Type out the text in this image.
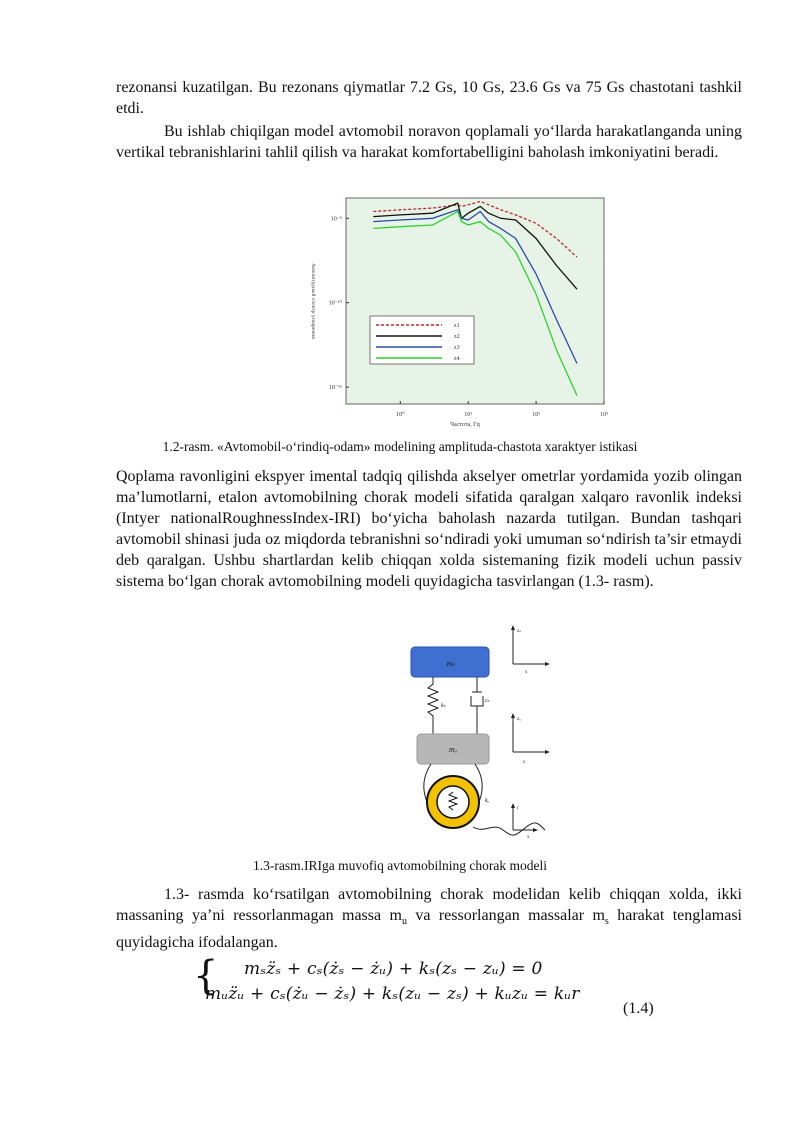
rezonansi kuzatilgan. Bu rezonans qiymatlar 7.2 Gs, 10 Gs, 23.6 Gs va 75 Gs chastotani tashkil etdi.

Bu ishlab chiqilgan model avtomobil noravon qoplamali yo‘llarda harakatlanganda uning vertikal tebranishlarini tahlil qilish va harakat komfortabelligini baholash imkoniyatini beradi.

10⁰	10¹	10²	10³
10⁻⁵
10⁻¹⁰
10⁻¹⁵
Частота, Гц
Амплитудный спектр ускорения	z1
z2
z3
z4

1.2-rasm. «Avtomobil-o‘rindiq-odam» modelining amplituda-chastota xaraktyer istikasi

Qoplama ravonligini ekspyer imental tadqiq qilishda akselyer ometrlar yordamida yozib olingan ma’lumotlarni, etalon avtomobilning chorak modeli sifatida qaralgan xalqaro ravonlik indeksi (Intyer nationalRoughnessIndex-IRI) bo‘yicha baholash nazarda tutilgan. Bundan tashqari avtomobil shinasi juda oz miqdorda tebranishni so‘ndiradi yoki umuman so‘ndirish ta’sir etmaydi deb qaralgan. Ushbu shartlardan kelib chiqqan xolda sistemaning fizik modeli uchun passiv sistema bo‘lgan chorak avtomobilning modeli quyidagicha tasvirlangan (1.3- rasm).

mₛ
kₛ
cₛ
mᵤ
kᵤ
zₛ
x
zᵤ
x
r
x

1.3-rasm.IRIga muvofiq avtomobilning chorak modeli

1.3- rasmda ko‘rsatilgan avtomobilning chorak modelidan kelib chiqqan xolda, ikki massaning ya’ni ressorlanmagan massa $m_u$ va ressorlangan massalar $m_s$ harakat tenglamasi quyidagicha ifodalangan.

{ mₛz̈ₛ + cₛ(żₛ − żᵤ) + kₛ(zₛ − zᵤ) = 0
mᵤz̈ᵤ + cₛ(żᵤ − żₛ) + kₛ(zᵤ − zₛ) + kᵤzᵤ = kᵤr
(1.4)
